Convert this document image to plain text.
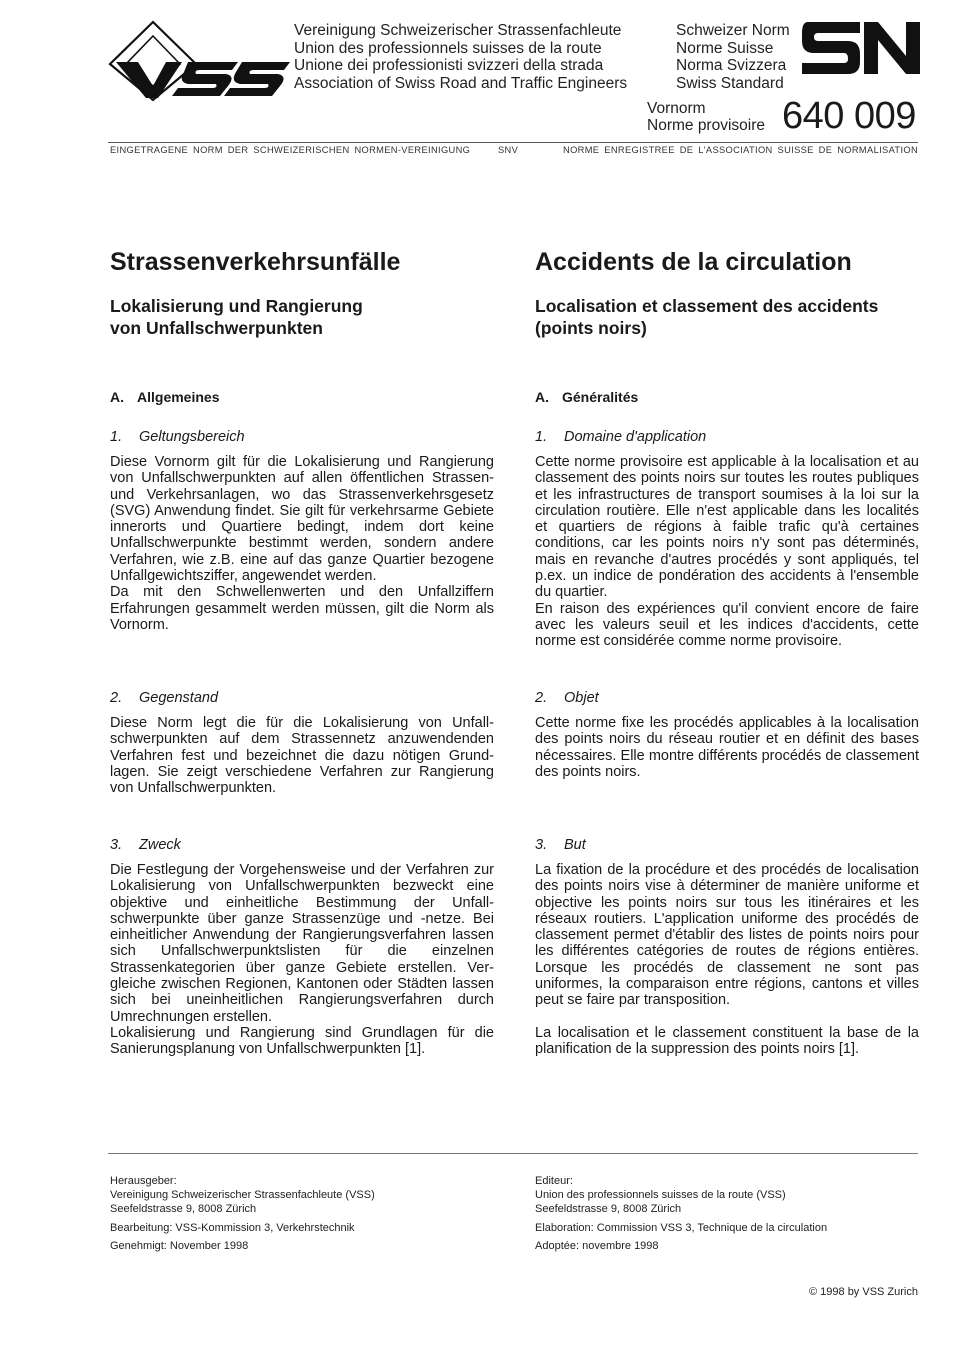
Vereinigung Schweizerischer Strassenfachleute
Union des professionnels suisses de la route
Unione dei professionisti svizzeri della strada
Association of Swiss Road and Traffic Engineers
Schweizer Norm
Norme Suisse
Norma Svizzera
Swiss Standard
Vornorm
Norme provisoire 640 009
EINGETRAGENE NORM DER SCHWEIZERISCHEN NORMEN-VEREINIGUNG	SNV	NORME ENREGISTREE DE L'ASSOCIATION SUISSE DE NORMALISATION
Strassenverkehrsunfälle
Lokalisierung und Rangierung
von Unfallschwerpunkten
A. Allgemeines
1. Geltungsbereich

Diese Vornorm gilt für die Lokalisierung und Rangierung von Unfallschwerpunkten auf allen öffentlichen Strassen- und Verkehrsanlagen, wo das Strassenverkehrsgesetz (SVG) Anwendung findet. Sie gilt für verkehrsarme Gebiete innerorts und Quartiere bedingt, indem dort keine Unfallschwerpunkte bestimmt werden, sondern andere Verfahren, wie z.B. eine auf das ganze Quartier bezogene Unfallgewichtsziffer, angewendet werden.

Da mit den Schwellenwerten und den Unfallziffern Erfahrungen gesammelt werden müssen, gilt die Norm als Vornorm.

2. Gegenstand

Diese Norm legt die für die Lokalisierung von Unfallschwerpunkten auf dem Strassennetz anzuwendenden Verfahren fest und bezeichnet die dazu nötigen Grundlagen. Sie zeigt verschiedene Verfahren zur Rangierung von Unfallschwerpunkten.

3. Zweck

Die Festlegung der Vorgehensweise und der Verfahren zur Lokalisierung von Unfallschwerpunkten bezweckt eine objektive und einheitliche Bestimmung der Unfallschwerpunkte über ganze Strassenzüge und -netze. Bei einheitlicher Anwendung der Rangierungsverfahren lassen sich Unfallschwerpunktslisten für die einzelnen Strassenkategorien über ganze Gebiete erstellen. Vergleiche zwischen Regionen, Kantonen oder Städten lassen sich bei uneinheitlichen Rangierungsverfahren durch Umrechnungen erstellen.

Lokalisierung und Rangierung sind Grundlagen für die Sanierungsplanung von Unfallschwerpunkten [1].

Accidents de la circulation
Localisation et classement des accidents
(points noirs)
A. Généralités
1. Domaine d'application

Cette norme provisoire est applicable à la localisation et au classement des points noirs sur toutes les routes publiques et les infrastructures de transport soumises à la loi sur la circulation routière. Elle n'est applicable dans les localités et quartiers de régions à faible trafic qu'à certaines conditions, car les points noirs n'y sont pas déterminés, mais en revanche d'autres procédés y sont appliqués, tel p.ex. un indice de pondération des accidents à l'ensemble du quartier.

En raison des expériences qu'il convient encore de faire avec les valeurs seuil et les indices d'accidents, cette norme est considérée comme norme provisoire.

2. Objet

Cette norme fixe les procédés applicables à la localisation des points noirs du réseau routier et en définit des bases nécessaires. Elle montre différents procédés de classement des points noirs.

3. But

La fixation de la procédure et des procédés de localisation des points noirs vise à déterminer de manière uniforme et objective les points noirs sur tous les itinéraires et les réseaux routiers. L'application uniforme des procédés de classement permet d'établir des listes de points noirs pour les différentes catégories de routes de régions entières. Lorsque les procédés de classement ne sont pas uniformes, la comparaison entre régions, cantons et villes peut se faire par transposition.

La localisation et le classement constituent la base de la planification de la suppression des points noirs [1].

Herausgeber:
Vereinigung Schweizerischer Strassenfachleute (VSS)
Seefeldstrasse 9, 8008 Zürich
Bearbeitung: VSS-Kommission 3, Verkehrstechnik
Genehmigt: November 1998
Editeur:
Union des professionnels suisses de la route (VSS)
Seefeldstrasse 9, 8008 Zürich
Elaboration: Commission VSS 3, Technique de la circulation
Adoptée: novembre 1998
© 1998 by VSS Zurich
